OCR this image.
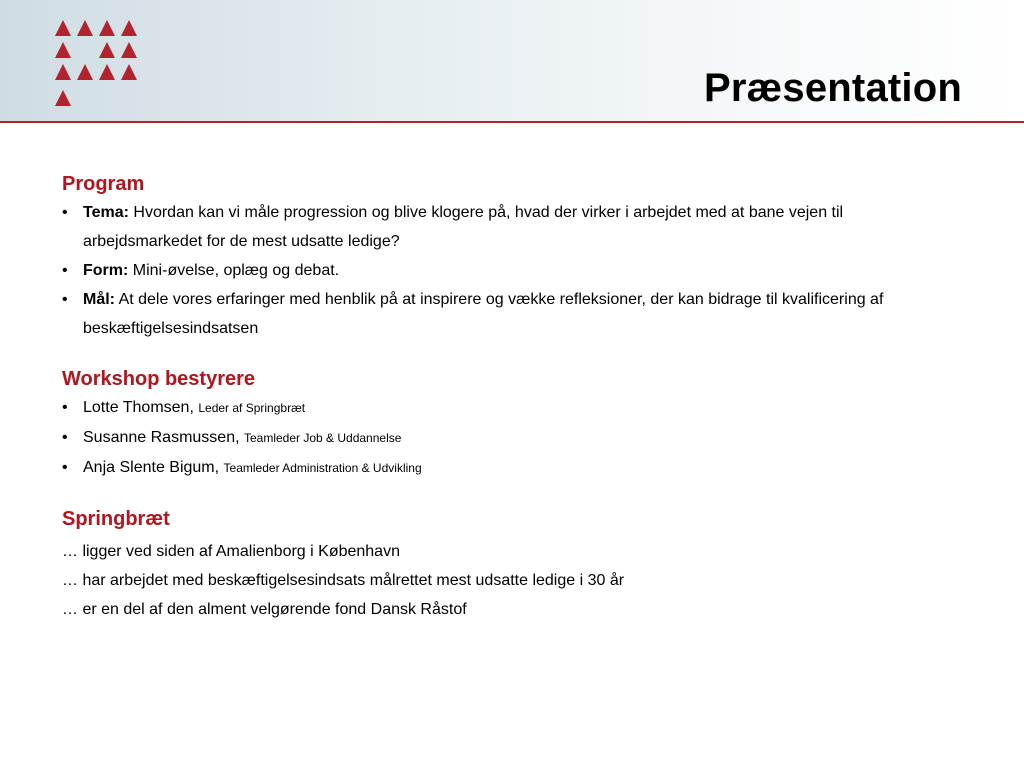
Præsentation
Program
• Tema: Hvordan kan vi måle progression og blive klogere på, hvad der virker i arbejdet med at bane vejen til arbejdsmarkedet for de mest udsatte ledige?
• Form: Mini-øvelse, oplæg og debat.
• Mål: At dele vores erfaringer med henblik på at inspirere og vække refleksioner, der kan bidrage til kvalificering af beskæftigelsesindsatsen
Workshop bestyrere
• Lotte Thomsen, Leder af Springbræt
• Susanne Rasmussen, Teamleder Job & Uddannelse
• Anja Slente Bigum, Teamleder Administration & Udvikling
Springbræt
… ligger ved siden af Amalienborg i København
… har arbejdet med beskæftigelsesindsats målrettet mest udsatte ledige i 30 år
… er en del af den alment velgørende fond Dansk Råstof
